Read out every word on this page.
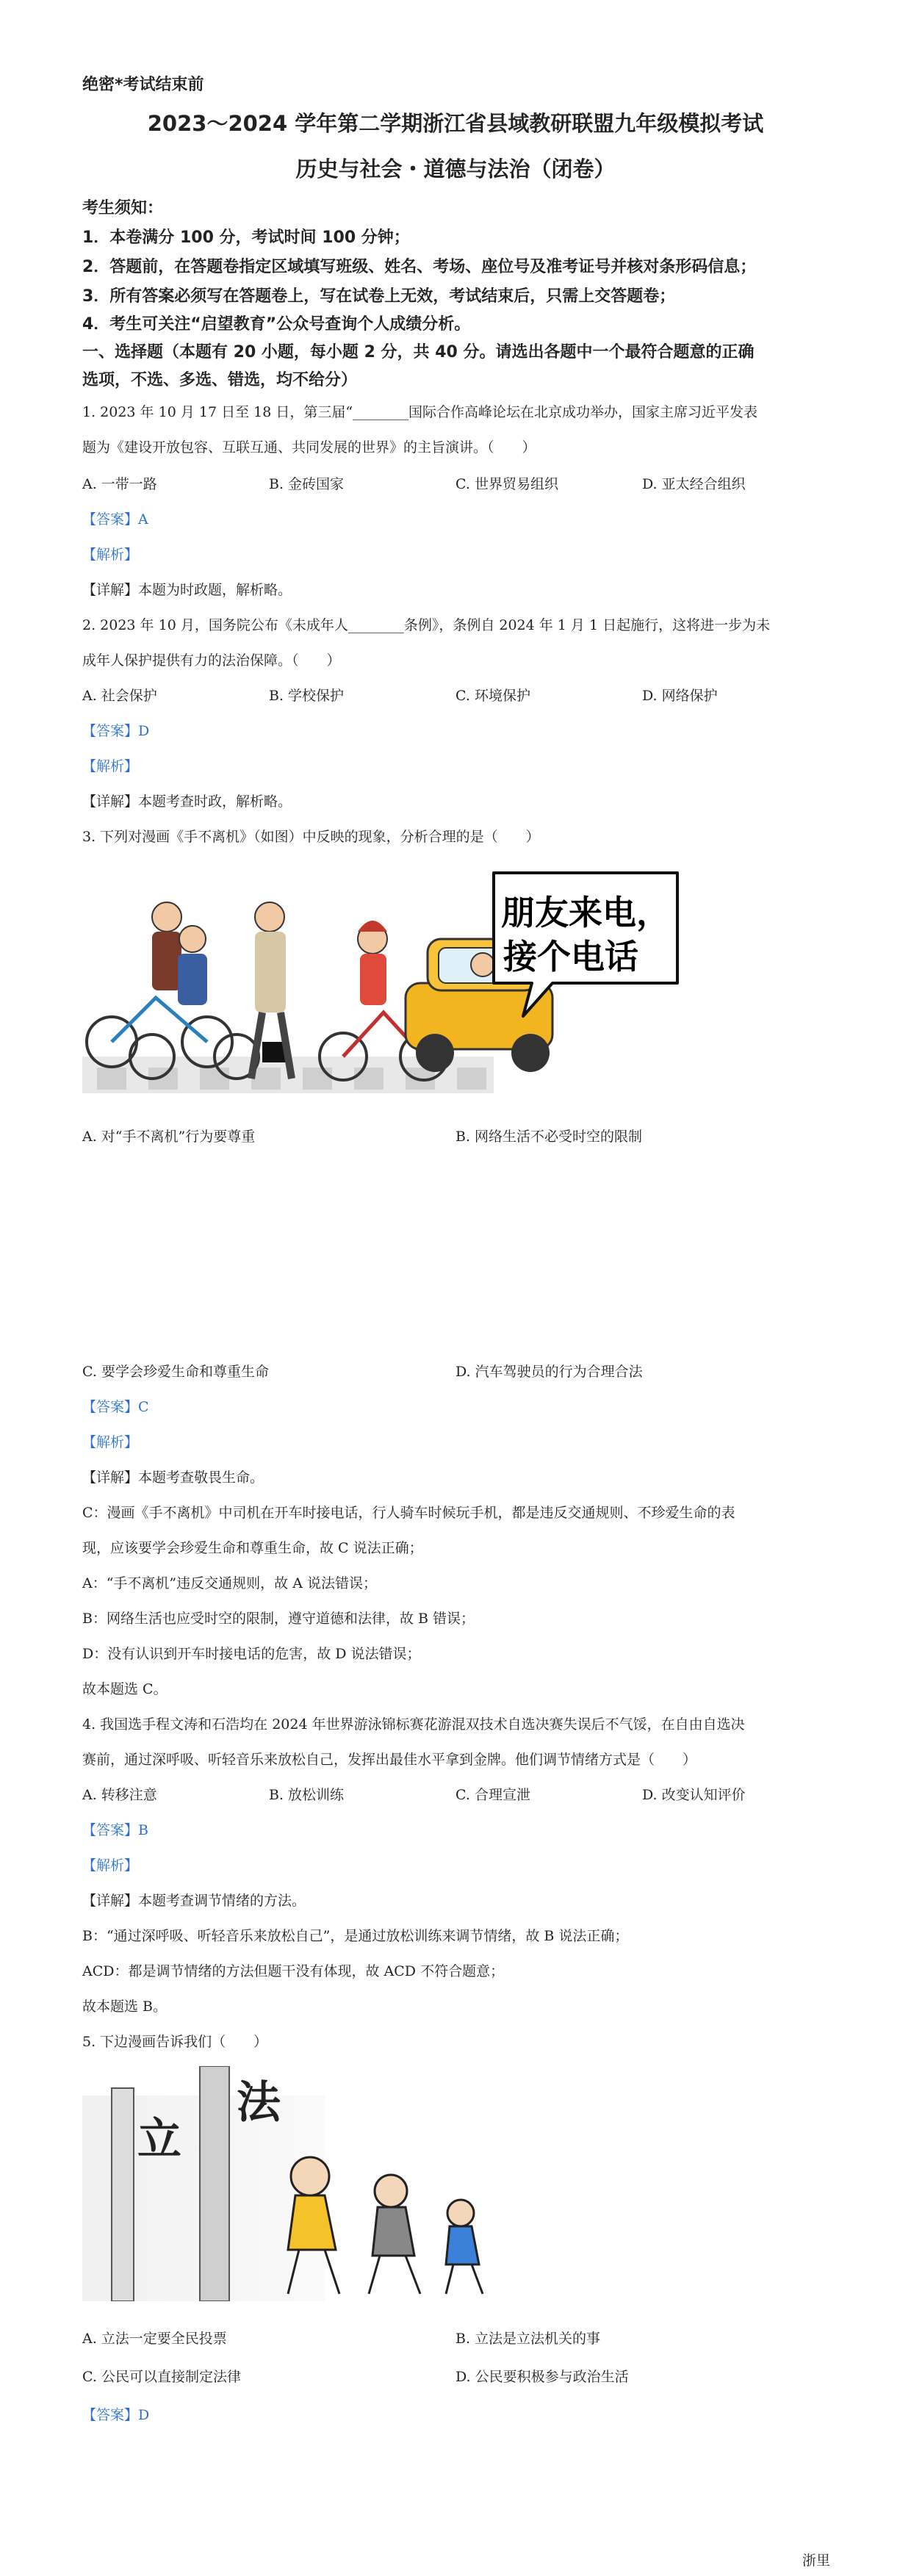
绝密*考试结束前
2023～2024 学年第二学期浙江省县域教研联盟九年级模拟考试
历史与社会・道德与法治（闭卷）
考生须知：
1．本卷满分 100 分，考试时间 100 分钟；
2．答题前，在答题卷指定区域填写班级、姓名、考场、座位号及准考证号并核对条形码信息；
3．所有答案必须写在答题卷上，写在试卷上无效，考试结束后，只需上交答题卷；
4．考生可关注“启望教育”公众号查询个人成绩分析。
一、选择题（本题有 20 小题，每小题 2 分，共 40 分。请选出各题中一个最符合题意的正确
选项，不选、多选、错选，均不给分）
1. 2023 年 10 月 17 日至 18 日，第三届“________国际合作高峰论坛在北京成功举办，国家主席习近平发表
题为《建设开放包容、互联互通、共同发展的世界》的主旨演讲。（　　）
A. 一带一路	B. 金砖国家	C. 世界贸易组织	D. 亚太经合组织
【答案】A
【解析】
【详解】本题为时政题，解析略。
2. 2023 年 10 月，国务院公布《未成年人________条例》，条例自 2024 年 1 月 1 日起施行，这将进一步为未
成年人保护提供有力的法治保障。（　　）
A. 社会保护	B. 学校保护	C. 环境保护	D. 网络保护
【答案】D
【解析】
【详解】本题考查时政，解析略。
3. 下列对漫画《手不离机》（如图）中反映的现象，分析合理的是（　　）
朋友来电，
接个电话
A. 对“手不离机”行为要尊重	B. 网络生活不必受时空的限制
C. 要学会珍爱生命和尊重生命	D. 汽车驾驶员的行为合理合法
【答案】C
【解析】
【详解】本题考查敬畏生命。
C：漫画《手不离机》中司机在开车时接电话，行人骑车时候玩手机，都是违反交通规则、不珍爱生命的表
现，应该要学会珍爱生命和尊重生命，故 C 说法正确；
A：“手不离机”违反交通规则，故 A 说法错误；
B：网络生活也应受时空的限制，遵守道德和法律，故 B 错误；
D：没有认识到开车时接电话的危害，故 D 说法错误；
故本题选 C。
4. 我国选手程文涛和石浩均在 2024 年世界游泳锦标赛花游混双技术自选决赛失误后不气馁，在自由自选决
赛前，通过深呼吸、听轻音乐来放松自己，发挥出最佳水平拿到金牌。他们调节情绪方式是（　　）
A. 转移注意	B. 放松训练	C. 合理宣泄	D. 改变认知评价
【答案】B
【解析】
【详解】本题考查调节情绪的方法。
B：“通过深呼吸、听轻音乐来放松自己”，是通过放松训练来调节情绪，故 B 说法正确；
ACD：都是调节情绪的方法但题干没有体现，故 ACD 不符合题意；
故本题选 B。
5. 下边漫画告诉我们（　　）
立
法
A. 立法一定要全民投票	B. 立法是立法机关的事
C. 公民可以直接制定法律	D. 公民要积极参与政治生活
【答案】D
浙里
